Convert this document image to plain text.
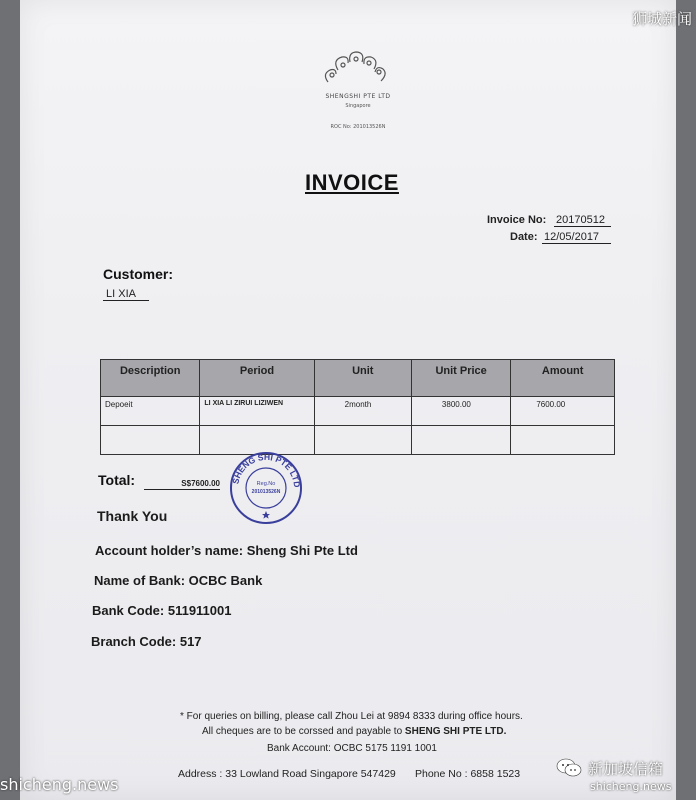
SHENGSHI PTE LTD
Singapore
ROC No: 201013526N
INVOICE
Invoice No: 20170512
Date: 12/05/2017
Customer:
LI XIA
Description	Period	Unit	Unit Price	Amount
Depoeit	LI XIA LI ZIRUI LIZIWEN	2month	3800.00	7600.00

Total:	S$7600.00 SHENG SHI PTE LTD
Reg.No
201013526N
Thank You
Account holder’s name: Sheng Shi Pte Ltd
Name of Bank: OCBC Bank
Bank Code: 511911001
Branch Code: 517
* For queries on billing, please call Zhou Lei at 9894 8333 during office hours.
All cheques are to be corssed and payable to SHENG SHI PTE LTD.
Bank Account: OCBC 5175 1191 1001
Address : 33 Lowland Road Singapore 547429 Phone No : 6858 1523
狮城新闻
shicheng.news
新加坡信箱
shicheng.news
